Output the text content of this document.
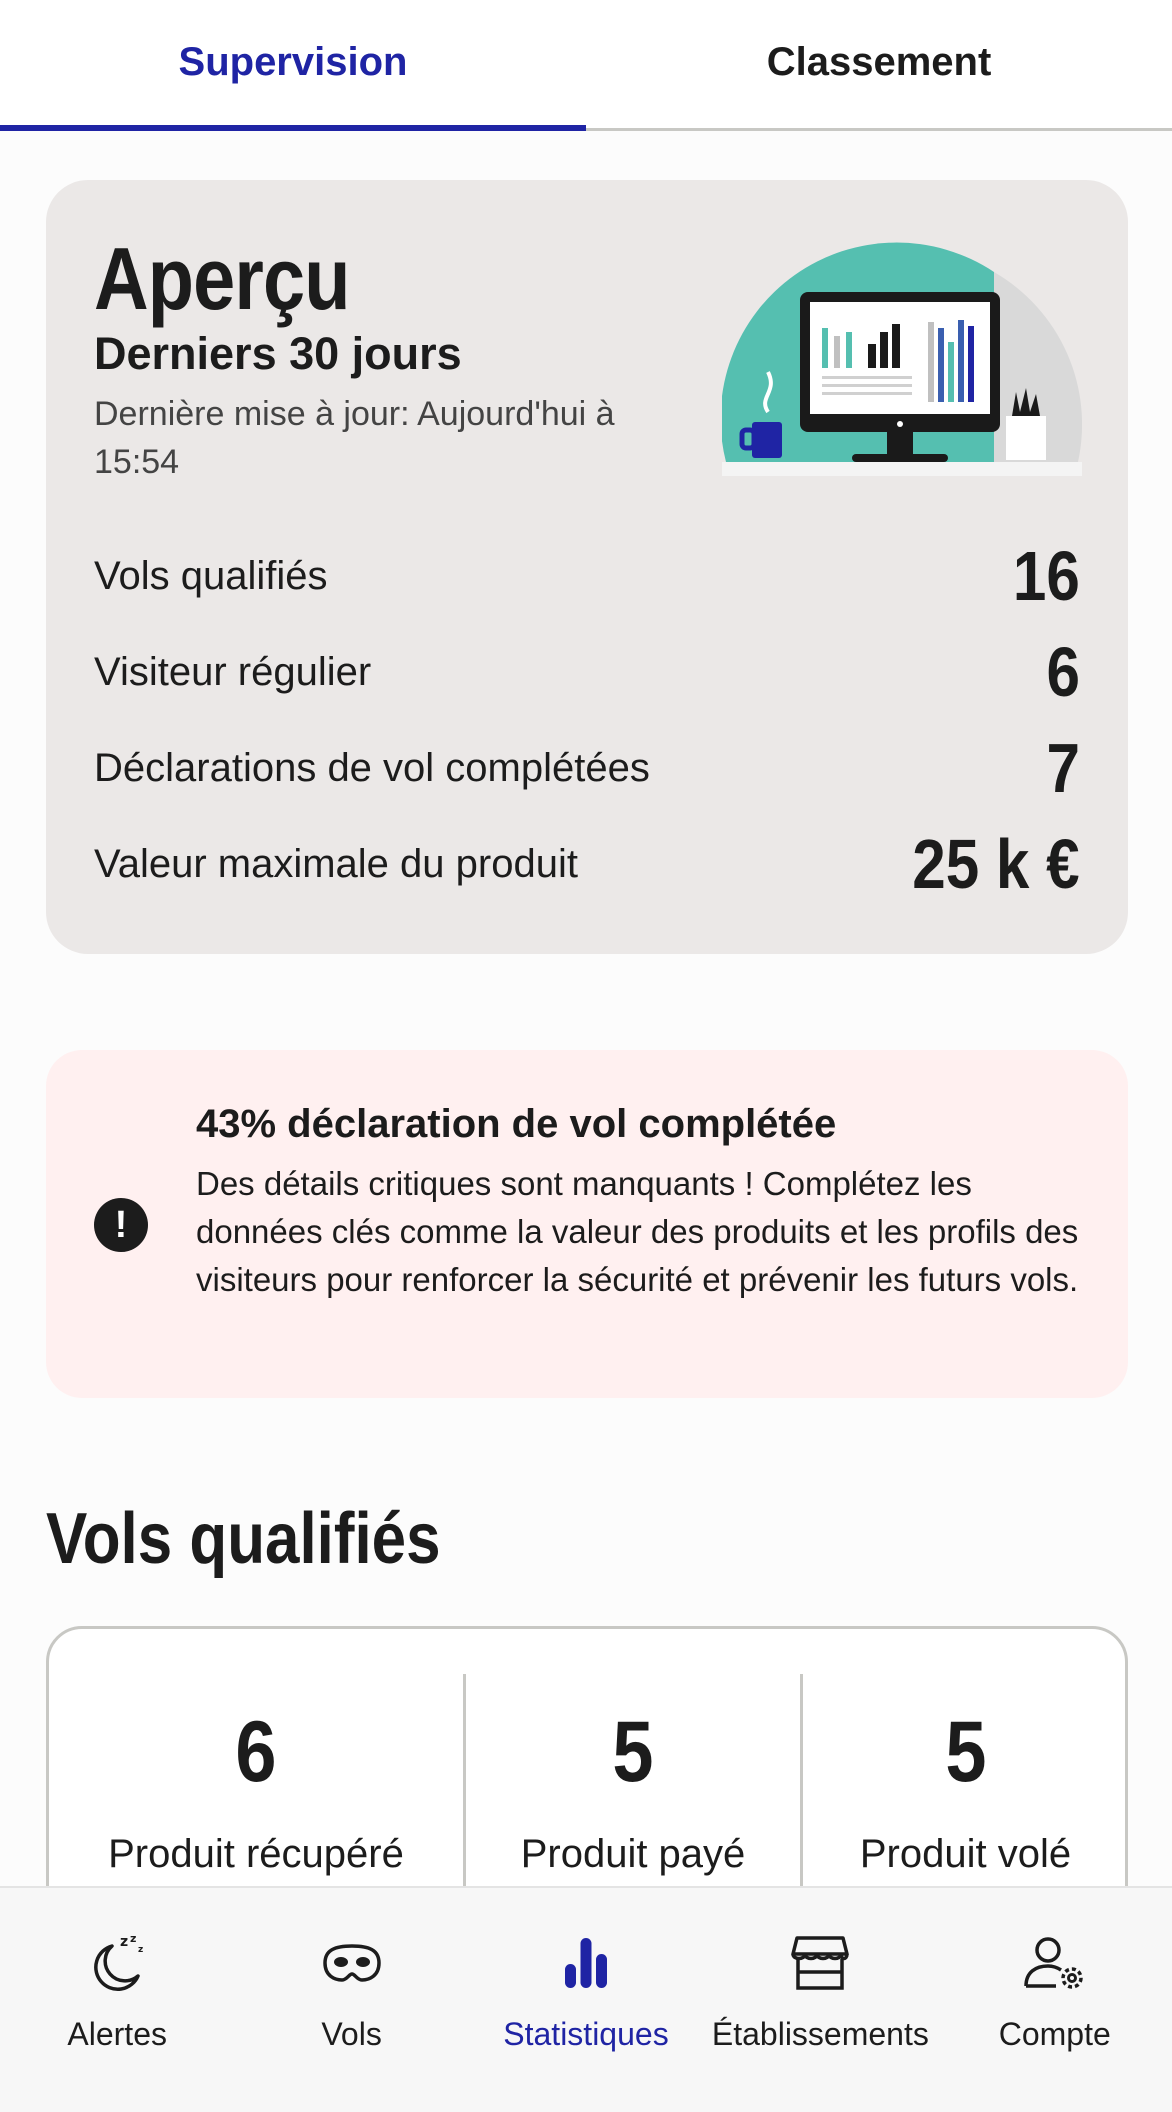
Supervision	Classement
Aperçu
Derniers 30 jours
Dernière mise à jour: Aujourd'hui à 15:54
Vols qualifiés	16
Visiteur régulier	6
Déclarations de vol complétées	7
Valeur maximale du produit	25 k €
!
43% déclaration de vol complétée
Des détails critiques sont manquants ! Complétez les données clés comme la valeur des produits et les profils des visiteurs pour renforcer la sécurité et prévenir les futurs vols.
Vols qualifiés
6
Produit récupéré
5
Produit payé
5
Produit volé
z z
z
Alertes	Vols	Statistiques Établissements Compte
